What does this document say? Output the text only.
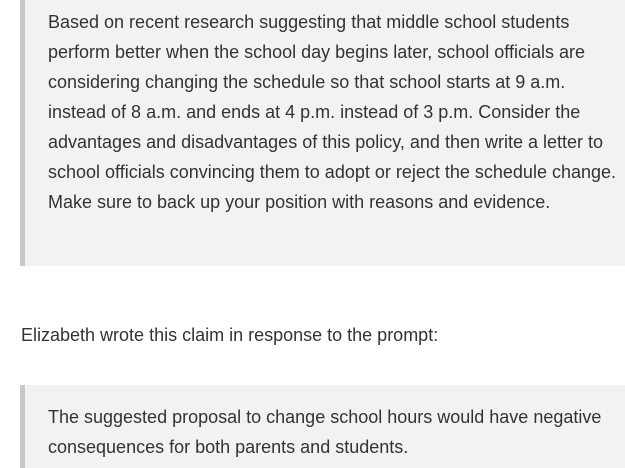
Based on recent research suggesting that middle school students perform better when the school day begins later, school officials are considering changing the schedule so that school starts at 9 a.m. instead of 8 a.m. and ends at 4 p.m. instead of 3 p.m. Consider the advantages and disadvantages of this policy, and then write a letter to school officials convincing them to adopt or reject the schedule change. Make sure to back up your position with reasons and evidence.

Elizabeth wrote this claim in response to the prompt:

The suggested proposal to change school hours would have negative consequences for both parents and students.
